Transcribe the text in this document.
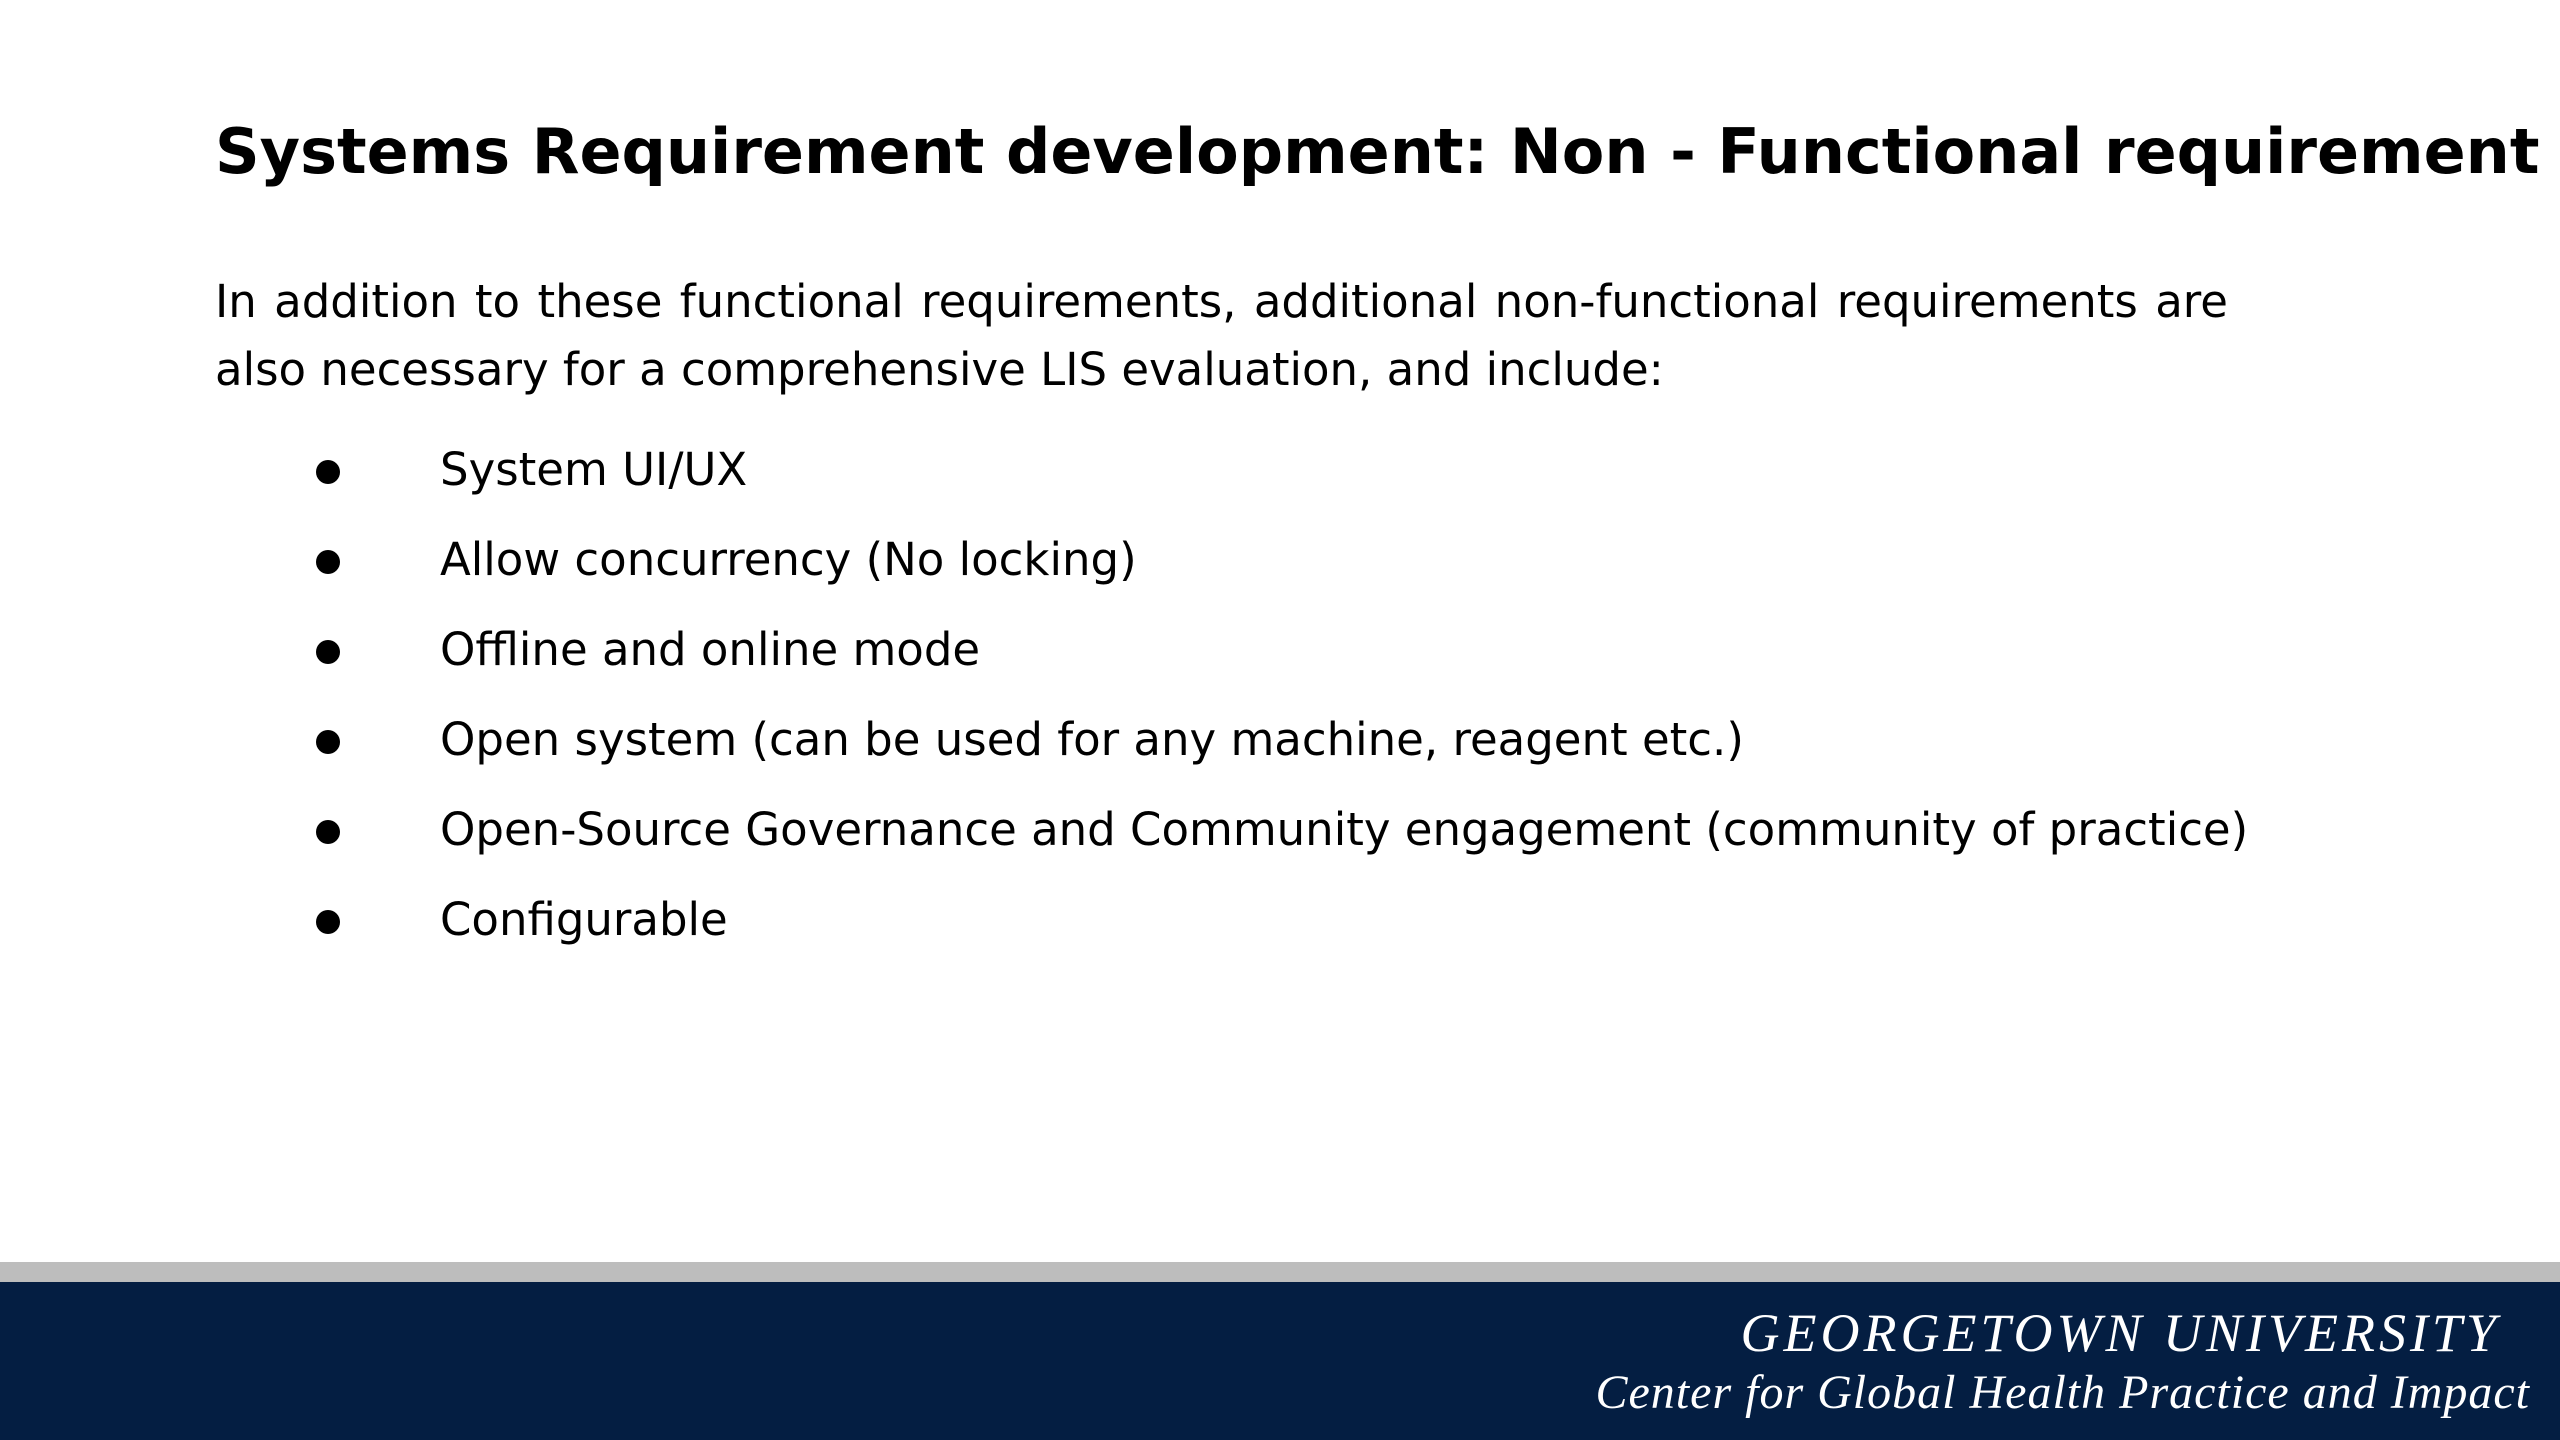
Systems Requirement development: Non - Functional requirement

In addition to these functional requirements, additional non-functional requirements are also necessary for a comprehensive LIS evaluation, and include:

System UI/UX
Allow concurrency (No locking)
Offline and online mode
Open system (can be used for any machine, reagent etc.)
Open-Source Governance and Community engagement (community of practice)
Configurable
GEORGETOWN UNIVERSITY
Center for Global Health Practice and Impact
